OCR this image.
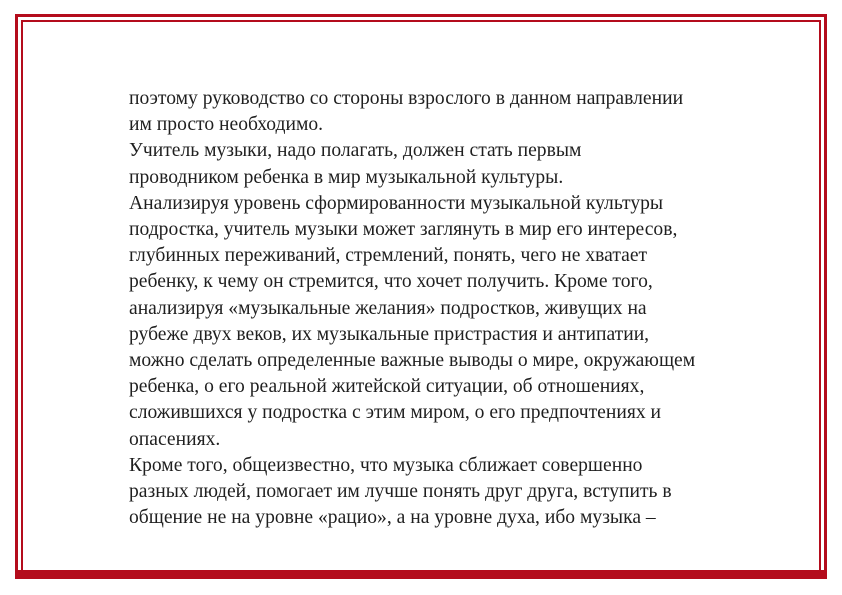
поэтому руководство со стороны взрослого в данном направлении
им просто необходимо.
Учитель музыки, надо полагать, должен стать первым
проводником ребенка в мир музыкальной культуры.
Анализируя уровень сформированности музыкальной культуры
подростка, учитель музыки может заглянуть в мир его интересов,
глубинных переживаний, стремлений, понять, чего не хватает
ребенку, к чему он стремится, что хочет получить. Кроме того,
анализируя «музыкальные желания» подростков, живущих на
рубеже двух веков, их музыкальные пристрастия и антипатии,
можно сделать определенные важные выводы о мире, окружающем
ребенка, о его реальной житейской ситуации, об отношениях,
сложившихся у подростка с этим миром, о его предпочтениях и
опасениях.
Кроме того, общеизвестно, что музыка сближает совершенно
разных людей, помогает им лучше понять друг друга, вступить в
общение не на уровне «рацио», а на уровне духа, ибо музыка –
